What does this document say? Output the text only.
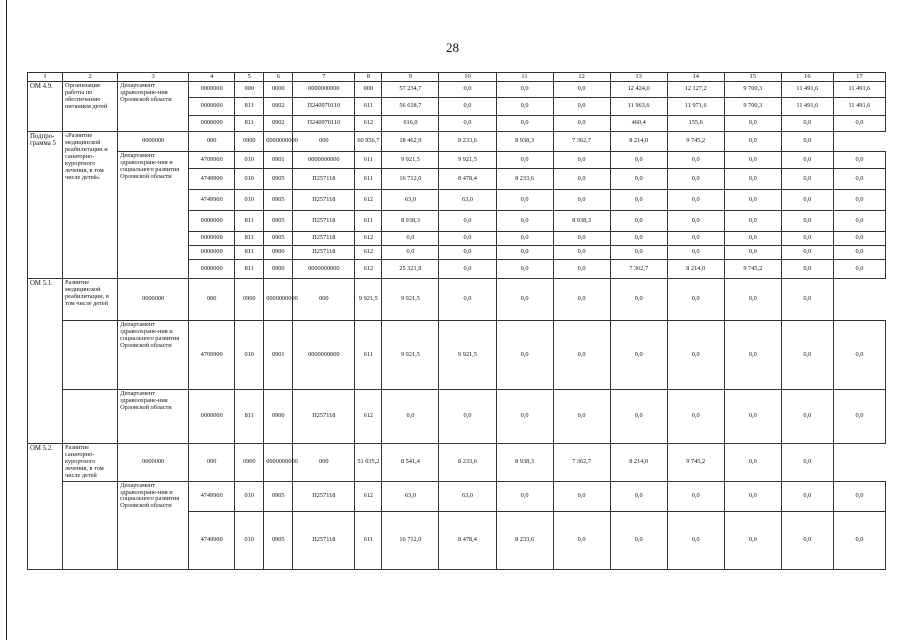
28
1	2	3	4	5	6	7	8	9	10	11	12	13	14	15	16	17
ОМ 4.9.	Организация работы по обеспечению питанием детей	Департамент здравоохране-ния Орловской области	0000000	000	0000	0000000000	000	57 234,7	0,0	0,0	0,0	12 424,0	12 127,2	9 700,3	11 491,6	11 491,6
			0000000	811	0902	П240970110	611	56 618,7	0,0	0,0	0,0	11 963,6	11 971,6	9 700,3	11 491,6	11 491,6
			0000000	811	0902	П240970110	612	616,0	0,0	0,0	0,0	460,4	155,6	0,0	0,0	0,0
Подпро-грамма 5	«Развитие медицинской реабилитации и санаторно-курортного лечения, в том числе детей»	0000000	000	0900	0000000000	000	60 956,7	18 462,9	8 233,6	8 938,3	7 362,7	8 214,0	9 745,2	0,0	0,0	
		Департамент здравоохране-ния и социального развития Орловской области	4709900	010	0901	0000000000	611	9 921,5	9 921,5	0,0	0,0	0,0	0,0	0,0	0,0	0,0
			4749900	010	0905	П257118	611	16 712,0	8 478,4	8 233,6	0,0	0,0	0,0	0,0	0,0	0,0
			4749900	010	0905	П257118	612	63,0	63,0	0,0	0,0	0,0	0,0	0,0	0,0	0,0
			0000000	811	0905	П257118	611	8 938,3	0,0	0,0	8 938,3	0,0	0,0	0,0	0,0	0,0
			0000000	811	0905	П257118	612	0,0	0,0	0,0	0,0	0,0	0,0	0,0	0,0	0,0
			0000000	811	0900	П257118	612	0,0	0,0	0,0	0,0	0,0	0,0	0,0	0,0	0,0
			0000000	811	0900	0000000000	612	25 321,9	0,0	0,0	0,0	7 362,7	8 214,0	9 745,2	0,0	0,0
ОМ 5.1.	Развитие медицинской реабилитации, в том числе детей	0000000	000	0900	0000000000	000	9 921,5	9 921,5	0,0	0,0	0,0	0,0	0,0	0,0	0,0	
		Департамент здравоохране-ния и социального развития Орловской области	4709900	010	0901	0000000000	611	9 921,5	9 921,5	0,0	0,0	0,0	0,0	0,0	0,0	0,0
		Департамент здравоохране-ния Орловской области	0000000	811	0900	П257118	612	0,0	0,0	0,0	0,0	0,0	0,0	0,0	0,0	0,0
ОМ 5.2.	Развитие санаторно-курортного лечения, в том числе детей	0000000	000	0900	0000000000	000	51 035,2	8 541,4	8 233,6	8 938,3	7 362,7	8 214,0	9 745,2	0,0	0,0	
		Департамент здравоохране-ния и социального развития Орловской области	4749900	010	0905	П257118	612	63,0	63,0	0,0	0,0	0,0	0,0	0,0	0,0	0,0
			4749900	010	0905	П257118	611	16 712,0	8 478,4	8 233,6	0,0	0,0	0,0	0,0	0,0	0,0
